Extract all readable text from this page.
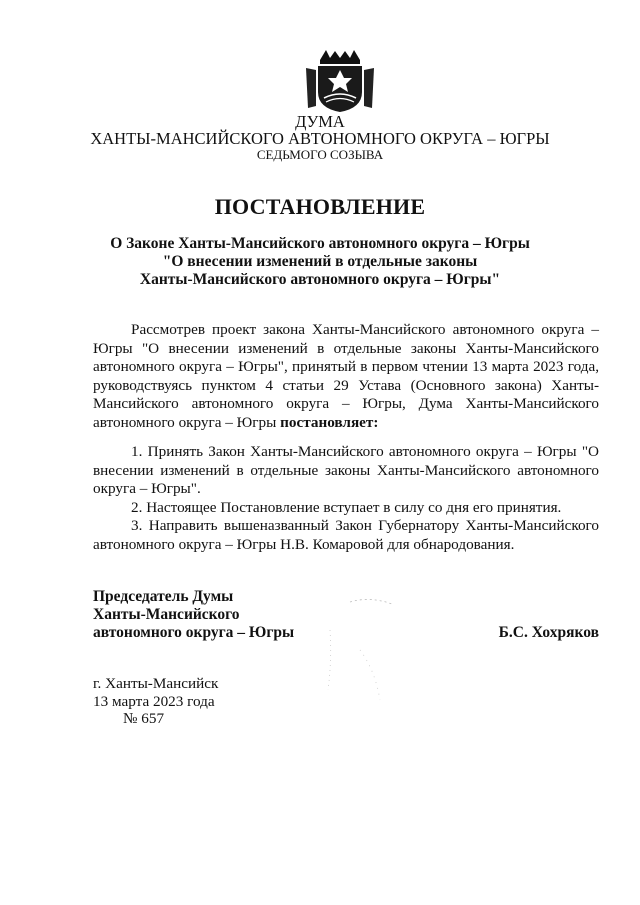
ДУМА
ХАНТЫ-МАНСИЙСКОГО АВТОНОМНОГО ОКРУГА – ЮГРЫ
СЕДЬМОГО СОЗЫВА
ПОСТАНОВЛЕНИЕ
О Законе Ханты-Мансийского автономного округа – Югры
"О внесении изменений в отдельные законы
Ханты-Мансийского автономного округа – Югры"

Рассмотрев проект закона Ханты-Мансийского автономного округа – Югры "О внесении изменений в отдельные законы Ханты-Мансийского автономного округа – Югры", принятый в первом чтении 13 марта 2023 года, руководствуясь пунктом 4 статьи 29 Устава (Основного закона) Ханты-Мансийского автономного округа – Югры, Дума Ханты-Мансийского автономного округа – Югры постановляет:

1. Принять Закон Ханты-Мансийского автономного округа – Югры "О внесении изменений в отдельные законы Ханты-Мансийского автономного округа – Югры".

2. Настоящее Постановление вступает в силу со дня его принятия.

3. Направить вышеназванный Закон Губернатору Ханты-Мансийского автономного округа – Югры Н.В. Комаровой для обнародования.

Председатель Думы
Ханты-Мансийского
автономного округа – Югры	Б.С. Хохряков
г. Ханты-Мансийск
13 марта 2023 года
№ 657
